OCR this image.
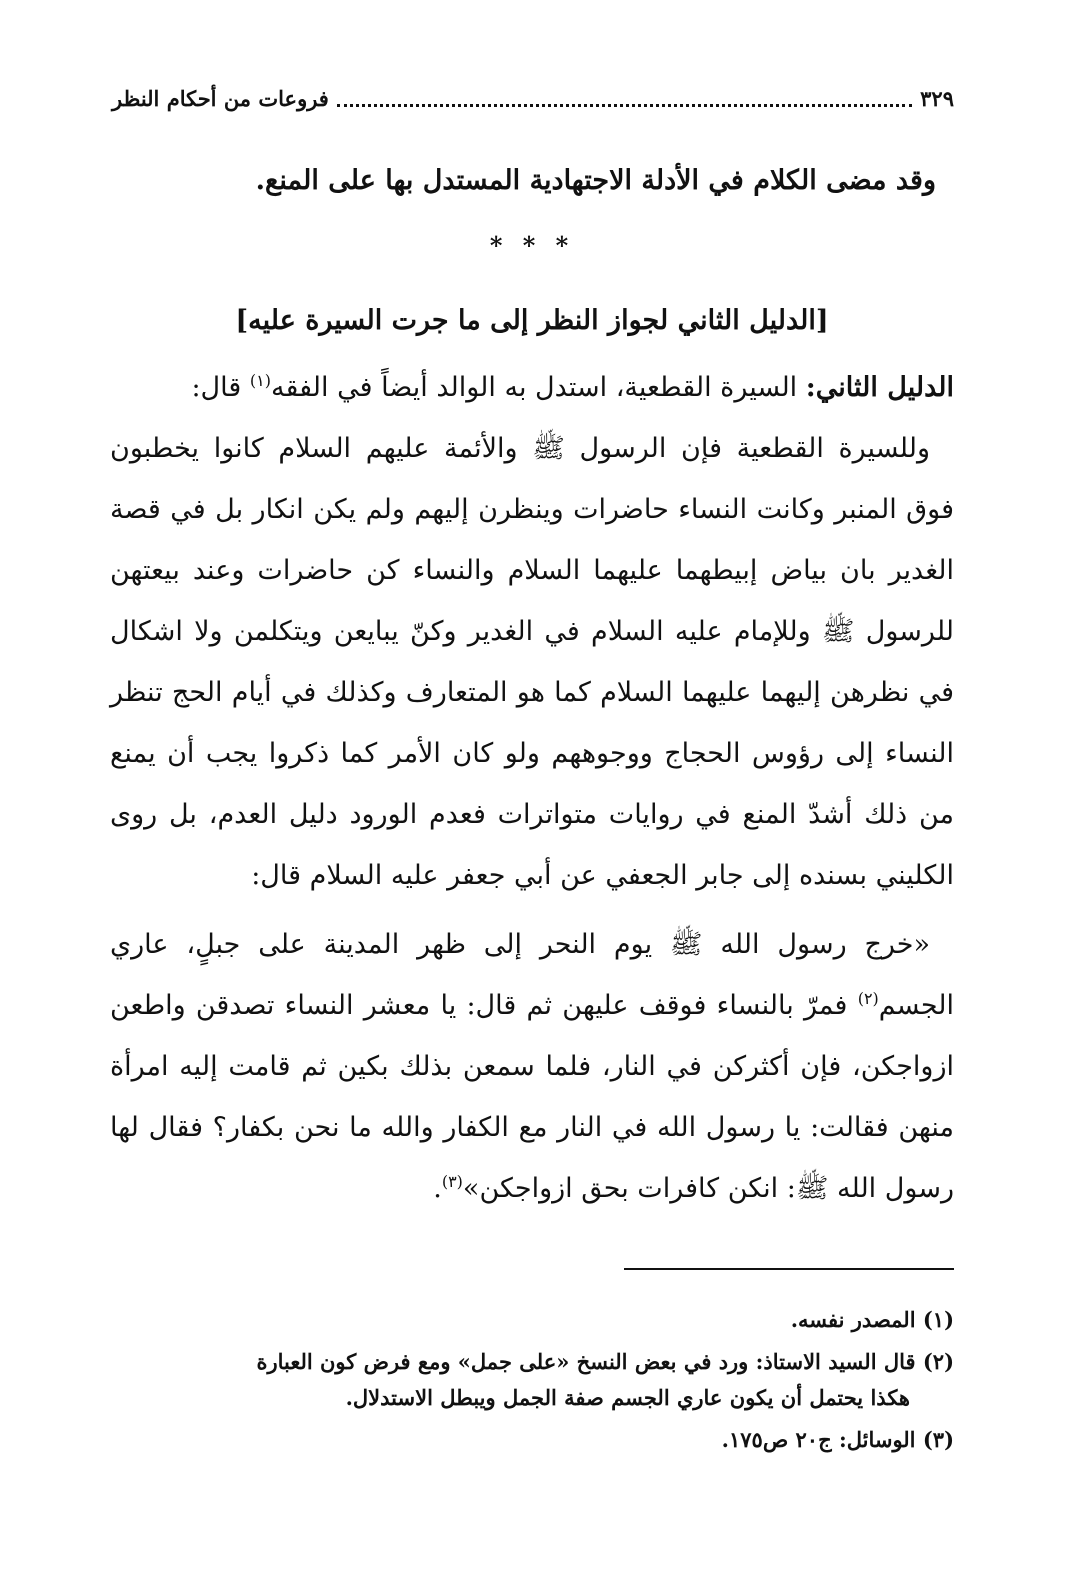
٣٢٩
فروعات من أحكام النظر

وقد مضى الكلام في الأدلة الاجتهادية المستدل بها على المنع.

* * *
[الدليل الثاني لجواز النظر إلى ما جرت السيرة عليه]

الدليل الثاني: السيرة القطعية، استدل به الوالد أيضاً في الفقه$^{(١)}$ قال:

وللسيرة القطعية فإن الرسول ﷺ والأئمة عليهم السلام كانوا يخطبون فوق المنبر وكانت النساء حاضرات وينظرن إليهم ولم يكن انكار بل في قصة الغدير بان بياض إبيطهما عليهما السلام والنساء كن حاضرات وعند بيعتهن للرسول ﷺ وللإمام عليه السلام في الغدير وكنّ يبايعن ويتكلمن ولا اشكال في نظرهن إليهما عليهما السلام كما هو المتعارف وكذلك في أيام الحج تنظر النساء إلى رؤوس الحجاج ووجوههم ولو كان الأمر كما ذكروا يجب أن يمنع من ذلك أشدّ المنع في روايات متواترات فعدم الورود دليل العدم، بل روى الكليني بسنده إلى جابر الجعفي عن أبي جعفر عليه السلام قال:

«خرج رسول الله ﷺ يوم النحر إلى ظهر المدينة على جبلٍ، عاري الجسم$^{(٢)}$ فمرّ بالنساء فوقف عليهن ثم قال: يا معشر النساء تصدقن واطعن ازواجكن، فإن أكثركن في النار، فلما سمعن بذلك بكين ثم قامت إليه امرأة منهن فقالت: يا رسول الله في النار مع الكفار والله ما نحن بكفار؟ فقال لها رسول الله ﷺ: انكن كافرات بحق ازواجكن»$^{(٣)}$.

(١) المصدر نفسه.

(٢) قال السيد الاستاذ: ورد في بعض النسخ «على جمل» ومع فرض كون العبارة
هكذا يحتمل أن يكون عاري الجسم صفة الجمل ويبطل الاستدلال.

(٣) الوسائل: ج٢٠ ص١٧٥.
